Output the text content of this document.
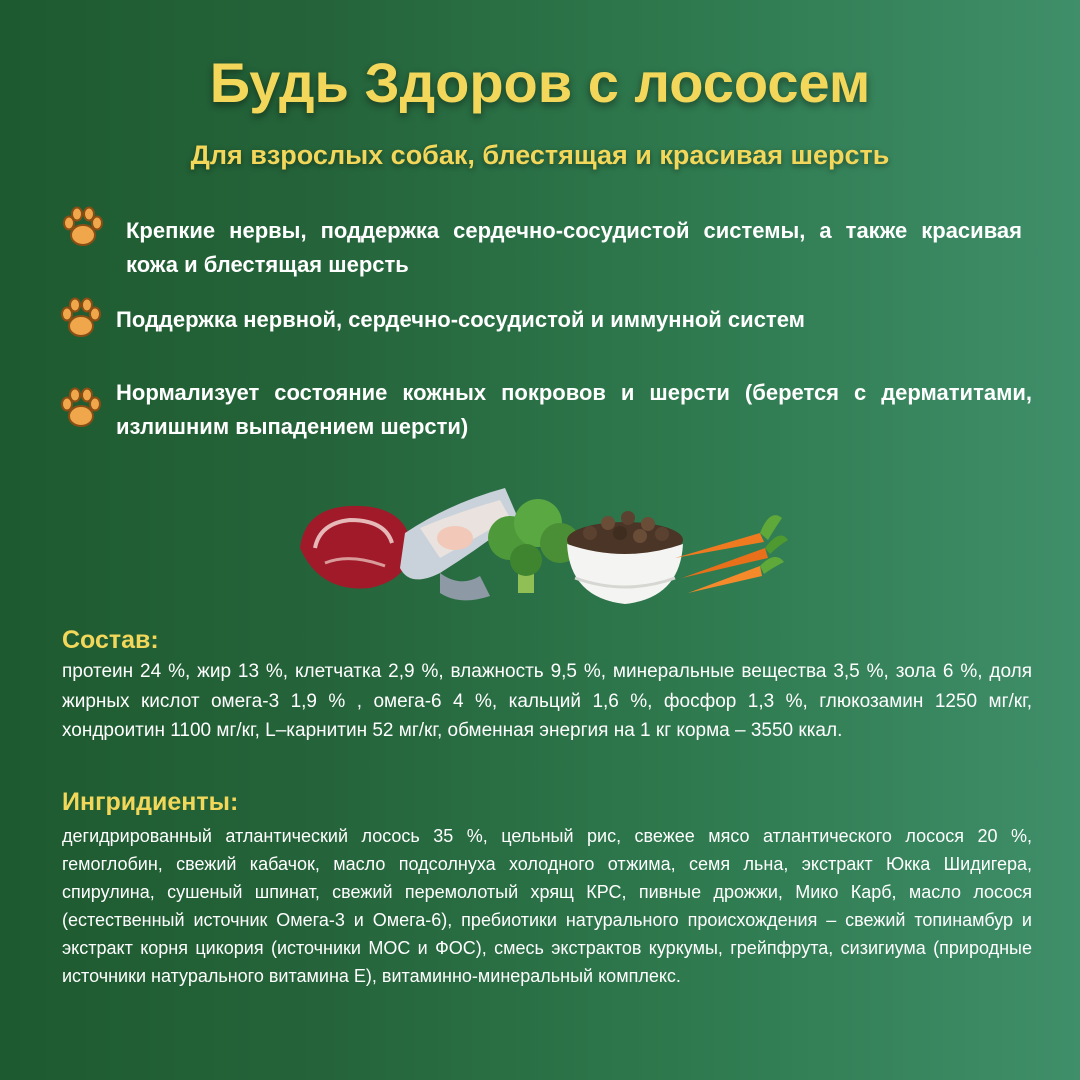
Будь Здоров с лососем
Для взрослых собак, блестящая и красивая шерсть
Крепкие нервы, поддержка сердечно-сосудистой системы, а также красивая кожа и блестящая шерсть
Поддержка нервной, сердечно-сосудистой и иммунной систем
Нормализует состояние кожных покровов и шерсти (берется с дерматитами, излишним выпадением шерсти)
Состав:
протеин 24 %, жир 13 %, клетчатка 2,9 %, влажность 9,5 %, минеральные вещества 3,5 %, зола 6 %, доля жирных кислот омега-3 1,9 % , омега-6 4 %, кальций 1,6 %, фосфор 1,3 %, глюкозамин 1250 мг/кг, хондроитин 1100 мг/кг, L–карнитин 52 мг/кг, обменная энергия на 1 кг корма – 3550 ккал.
Ингридиенты:
дегидрированный атлантический лосось 35 %, цельный рис, свежее мясо атлантического лосося 20 %, гемоглобин, свежий кабачок, масло подсолнуха холодного отжима, семя льна, экстракт Юкка Шидигера, спирулина, сушеный шпинат, свежий перемолотый хрящ КРС, пивные дрожжи, Мико Карб, масло лосося (естественный источник Омега-3 и Омега-6), пребиотики натурального происхождения – свежий топинамбур и экстракт корня цикория (источники МОС и ФОС), смесь экстрактов куркумы, грейпфрута, сизигиума (природные источники натурального витамина Е), витаминно-минеральный комплекс.
